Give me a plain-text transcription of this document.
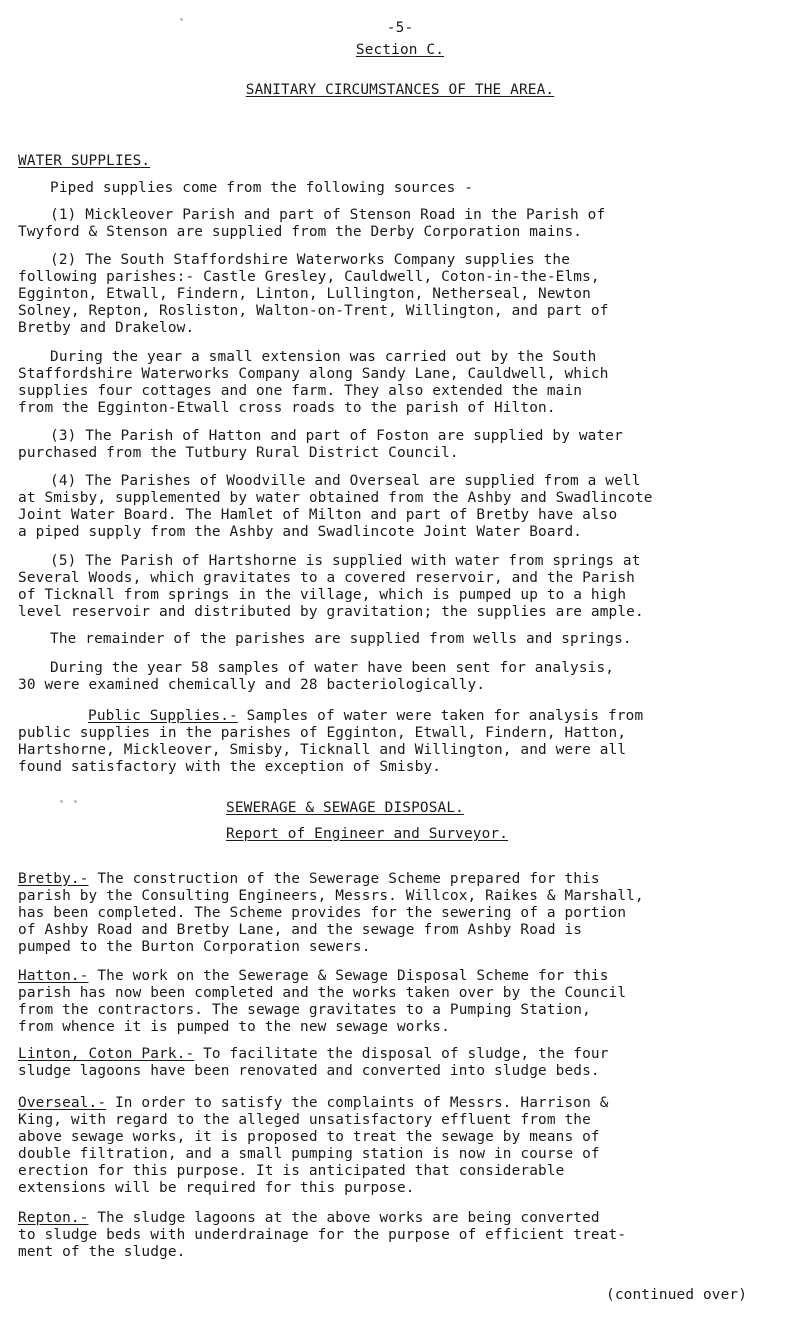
-5-
Section C.
SANITARY CIRCUMSTANCES OF THE AREA.
WATER SUPPLIES.
Piped supplies come from the following sources -
(1) Mickleover Parish and part of Stenson Road in the Parish of
Twyford & Stenson are supplied from the Derby Corporation mains.
(2) The South Staffordshire Waterworks Company supplies the
following parishes:- Castle Gresley, Cauldwell, Coton-in-the-Elms,
Egginton, Etwall, Findern, Linton, Lullington, Netherseal, Newton
Solney, Repton, Rosliston, Walton-on-Trent, Willington, and part of
Bretby and Drakelow.
During the year a small extension was carried out by the South
Staffordshire Waterworks Company along Sandy Lane, Cauldwell, which
supplies four cottages and one farm. They also extended the main
from the Egginton-Etwall cross roads to the parish of Hilton.
(3) The Parish of Hatton and part of Foston are supplied by water
purchased from the Tutbury Rural District Council.
(4) The Parishes of Woodville and Overseal are supplied from a well
at Smisby, supplemented by water obtained from the Ashby and Swadlincote
Joint Water Board. The Hamlet of Milton and part of Bretby have also
a piped supply from the Ashby and Swadlincote Joint Water Board.
(5) The Parish of Hartshorne is supplied with water from springs at
Several Woods, which gravitates to a covered reservoir, and the Parish
of Ticknall from springs in the village, which is pumped up to a high
level reservoir and distributed by gravitation; the supplies are ample.
The remainder of the parishes are supplied from wells and springs.
During the year 58 samples of water have been sent for analysis,
30 were examined chemically and 28 bacteriologically.
Public Supplies.- Samples of water were taken for analysis from
public supplies in the parishes of Egginton, Etwall, Findern, Hatton,
Hartshorne, Mickleover, Smisby, Ticknall and Willington, and were all
found satisfactory with the exception of Smisby.
SEWERAGE & SEWAGE DISPOSAL.
Report of Engineer and Surveyor.
Bretby.- The construction of the Sewerage Scheme prepared for this
parish by the Consulting Engineers, Messrs. Willcox, Raikes & Marshall,
has been completed. The Scheme provides for the sewering of a portion
of Ashby Road and Bretby Lane, and the sewage from Ashby Road is
pumped to the Burton Corporation sewers.
Hatton.- The work on the Sewerage & Sewage Disposal Scheme for this
parish has now been completed and the works taken over by the Council
from the contractors. The sewage gravitates to a Pumping Station,
from whence it is pumped to the new sewage works.
Linton, Coton Park.- To facilitate the disposal of sludge, the four
sludge lagoons have been renovated and converted into sludge beds.
Overseal.- In order to satisfy the complaints of Messrs. Harrison &
King, with regard to the alleged unsatisfactory effluent from the
above sewage works, it is proposed to treat the sewage by means of
double filtration, and a small pumping station is now in course of
erection for this purpose. It is anticipated that considerable
extensions will be required for this purpose.
Repton.- The sludge lagoons at the above works are being converted
to sludge beds with underdrainage for the purpose of efficient treat-
ment of the sludge.
(continued over)
